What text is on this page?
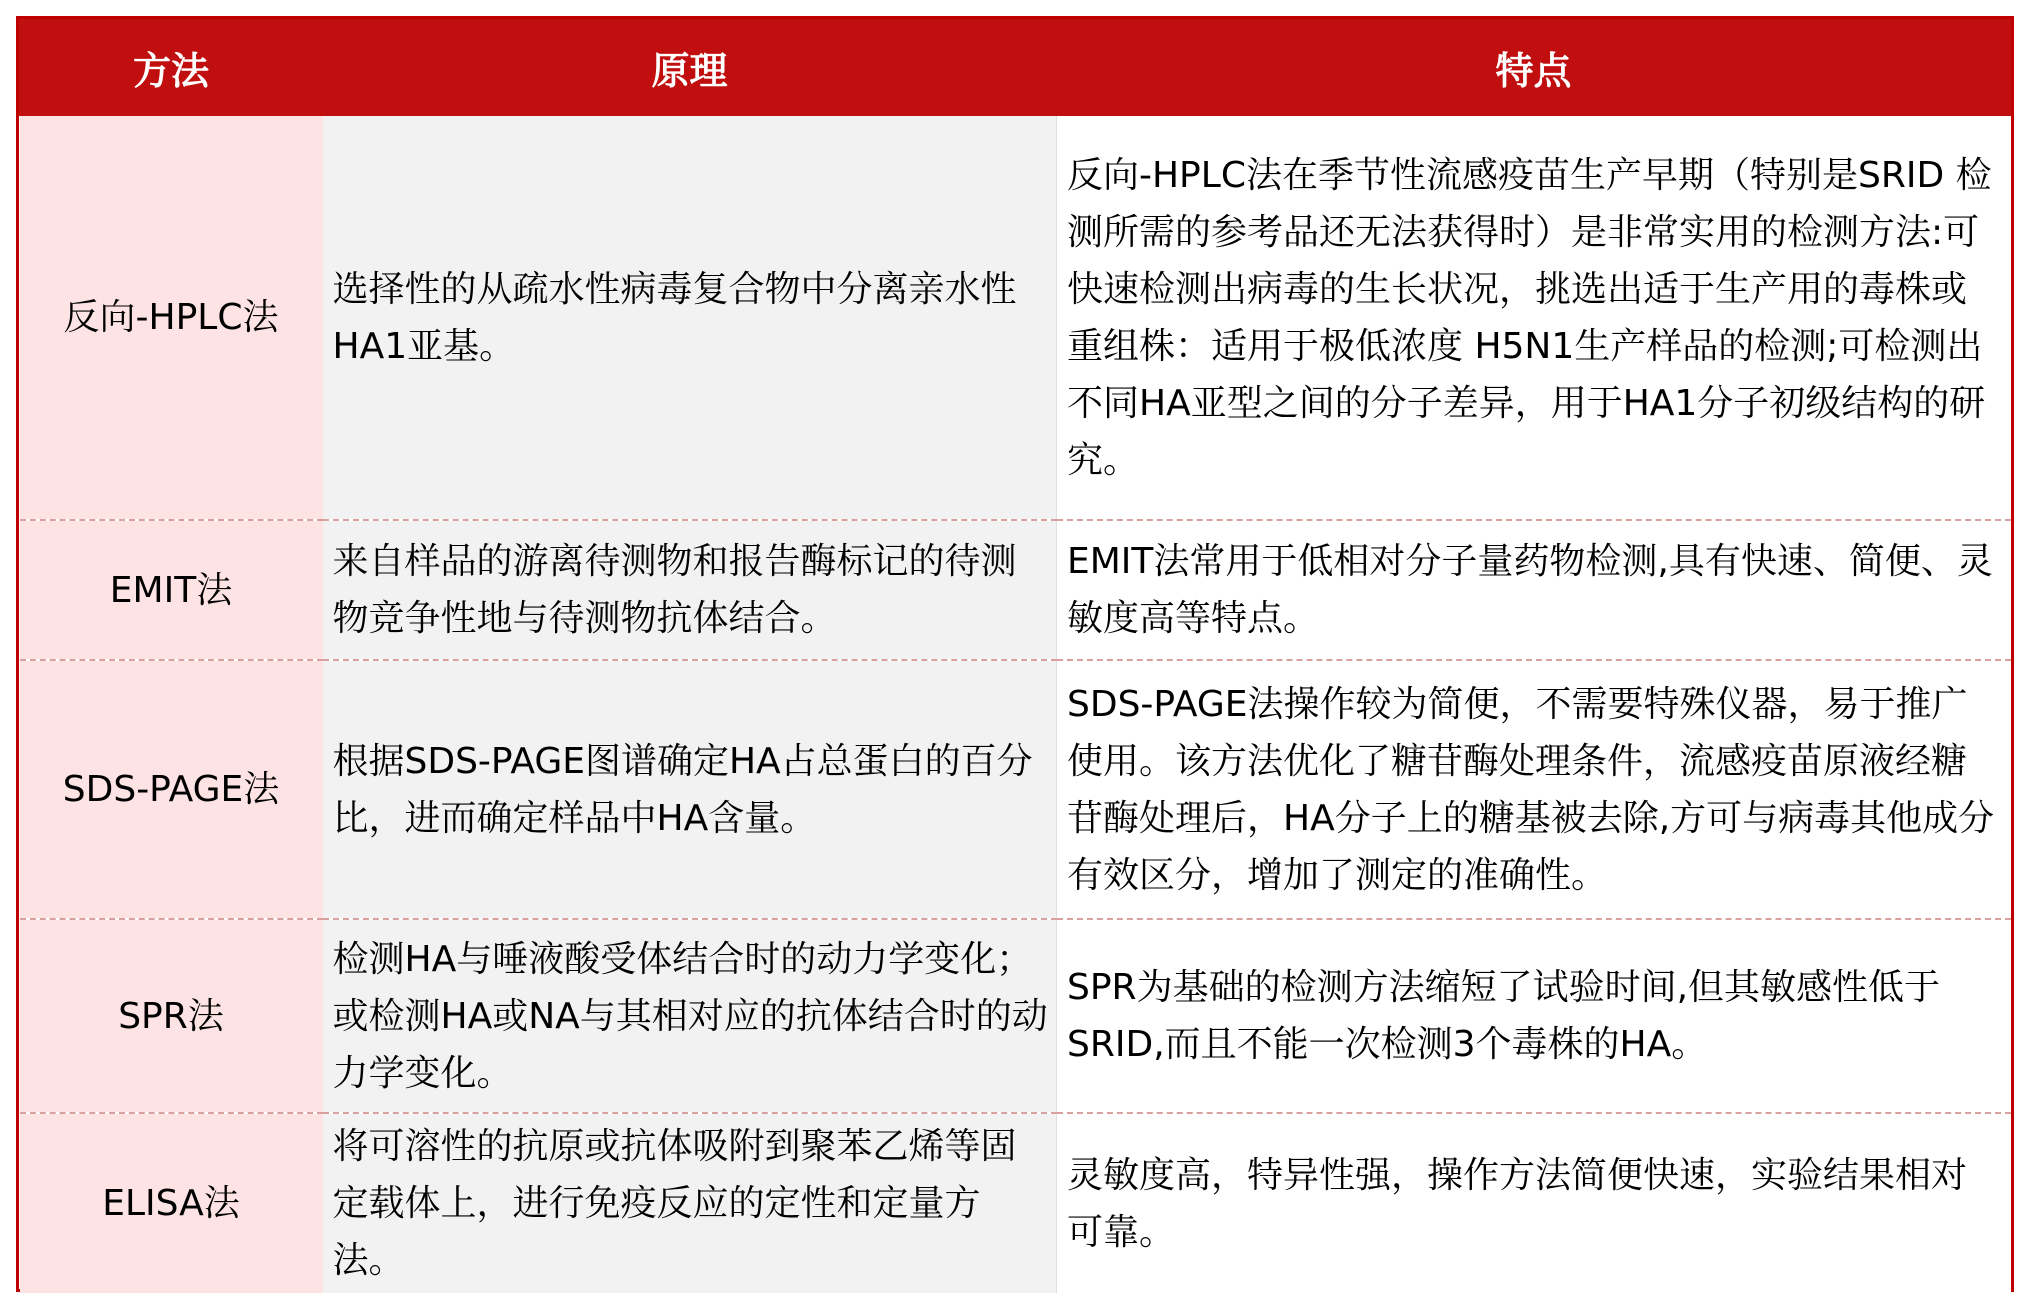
方法	原理	特点
反向-HPLC法	选择性的从疏水性病毒复合物中分离亲水性HA1亚基。	反向-HPLC法在季节性流感疫苗生产早期（特别是SRID 检测所需的参考品还无法获得时）是非常实用的检测方法:可快速检测出病毒的生长状况，挑选出适于生产用的毒株或重组株：适用于极低浓度 H5N1生产样品的检测;可检测出不同HA亚型之间的分子差异，用于HA1分子初级结构的研究。
EMIT法	来自样品的游离待测物和报告酶标记的待测物竞争性地与待测物抗体结合。	EMIT法常用于低相对分子量药物检测,具有快速、简便、灵敏度高等特点。
SDS-PAGE法	根据SDS-PAGE图谱确定HA占总蛋白的百分比，进而确定样品中HA含量。	SDS-PAGE法操作较为简便，不需要特殊仪器，易于推广使用。该方法优化了糖苷酶处理条件，流感疫苗原液经糖苷酶处理后，HA分子上的糖基被去除,方可与病毒其他成分有效区分，增加了测定的准确性。
SPR法	检测HA与唾液酸受体结合时的动力学变化；或检测HA或NA与其相对应的抗体结合时的动力学变化。	SPR为基础的检测方法缩短了试验时间,但其敏感性低于 SRID,而且不能一次检测3个毒株的HA。
ELISA法	将可溶性的抗原或抗体吸附到聚苯乙烯等固定载体上，进行免疫反应的定性和定量方法。	灵敏度高，特异性强，操作方法简便快速，实验结果相对可靠。
